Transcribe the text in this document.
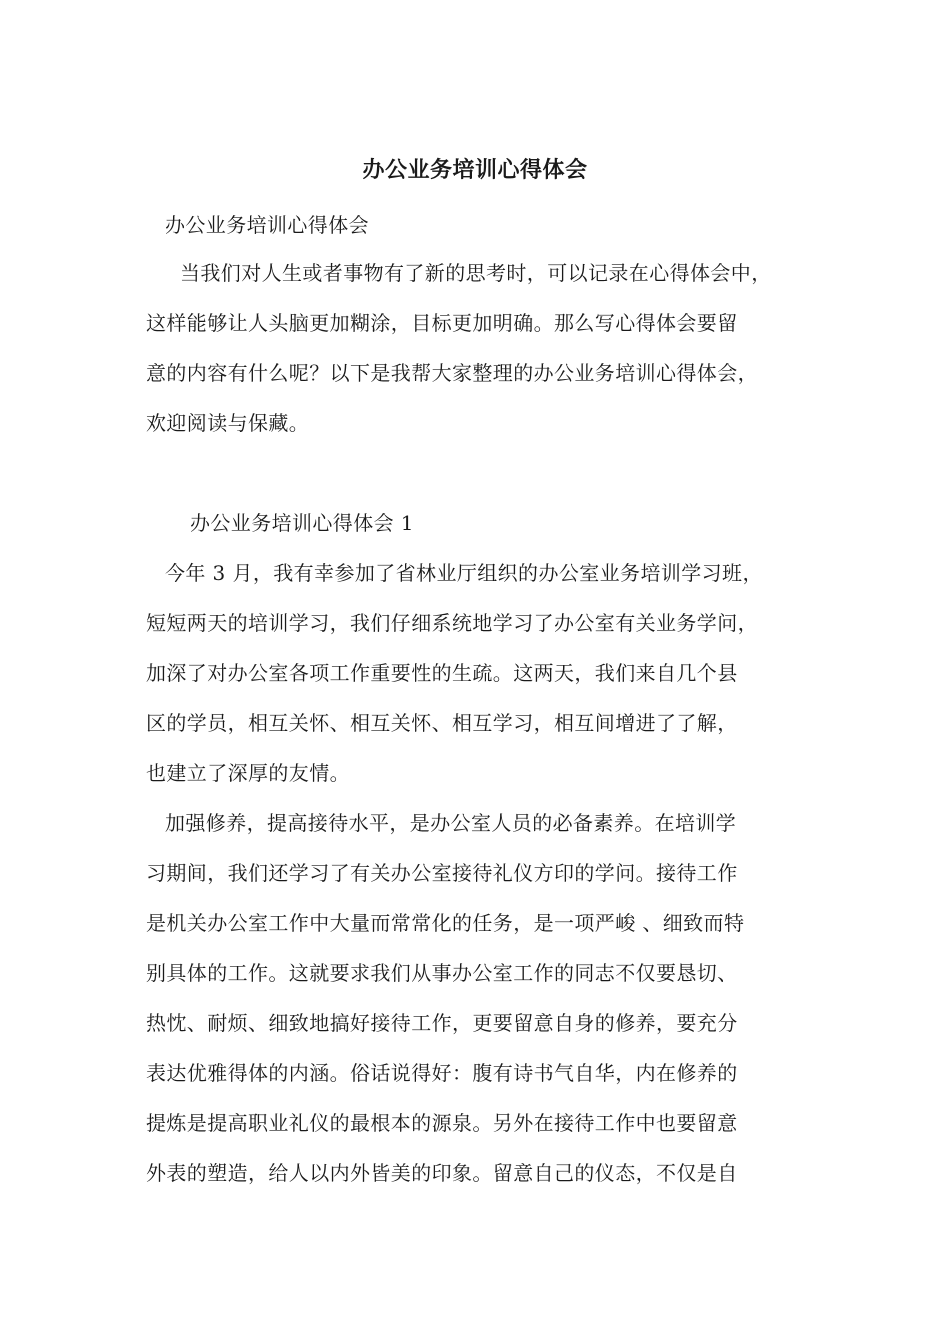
办公业务培训心得体会
办公业务培训心得体会
当我们对人生或者事物有了新的思考时，可以记录在心得体会中，
这样能够让人头脑更加糊涂，目标更加明确。那么写心得体会要留
意的内容有什么呢？以下是我帮大家整理的办公业务培训心得体会，
欢迎阅读与保藏。
办公业务培训心得体会 1
今年 3 月，我有幸参加了省林业厅组织的办公室业务培训学习班，
短短两天的培训学习，我们仔细系统地学习了办公室有关业务学问，
加深了对办公室各项工作重要性的生疏。这两天，我们来自几个县
区的学员，相互关怀、相互关怀、相互学习，相互间增进了了解，
也建立了深厚的友情。
加强修养，提高接待水平，是办公室人员的必备素养。在培训学
习期间，我们还学习了有关办公室接待礼仪方印的学问。接待工作
是机关办公室工作中大量而常常化的任务，是一项严峻 、细致而特
别具体的工作。这就要求我们从事办公室工作的同志不仅要恳切、
热忱、耐烦、细致地搞好接待工作，更要留意自身的修养，要充分
表达优雅得体的内涵。俗话说得好：腹有诗书气自华，内在修养的
提炼是提高职业礼仪的最根本的源泉。另外在接待工作中也要留意
外表的塑造，给人以内外皆美的印象。留意自己的仪态，不仅是自
